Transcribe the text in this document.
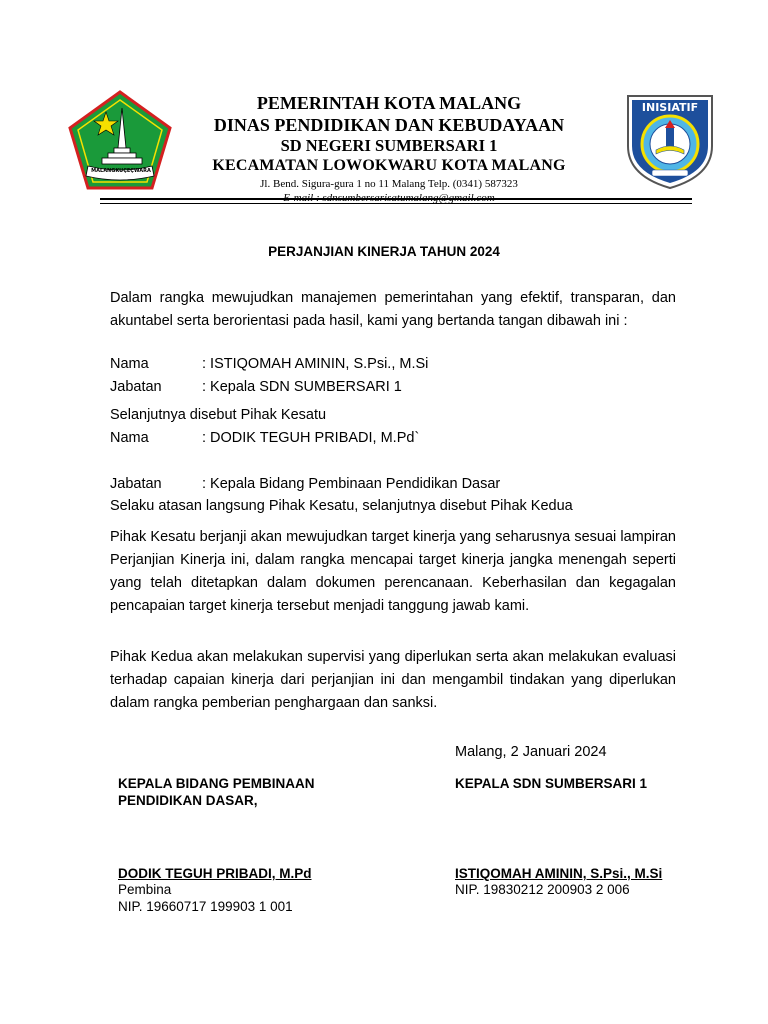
MALANGKUÇEÇWARA
INISIATIF
PEMERINTAH KOTA MALANG
DINAS PENDIDIKAN DAN KEBUDAYAAN
SD NEGERI SUMBERSARI 1
KECAMATAN LOWOKWARU KOTA MALANG
Jl. Bend. Sigura-gura 1 no 11 Malang Telp. (0341) 587323
E-mail : sdnsumbersarisatumalang@gmail.com
PERJANJIAN KINERJA TAHUN 2024
Dalam rangka mewujudkan manajemen pemerintahan yang efektif, transparan, dan akuntabel serta berorientasi pada hasil, kami yang bertanda tangan dibawah ini :
Nama	: ISTIQOMAH AMININ, S.Psi., M.Si
Jabatan	: Kepala SDN SUMBERSARI 1
Selanjutnya disebut Pihak Kesatu
Nama	: DODIK TEGUH PRIBADI, M.Pd`
Jabatan	: Kepala Bidang Pembinaan Pendidikan Dasar
Selaku atasan langsung Pihak Kesatu, selanjutnya disebut Pihak Kedua
Pihak Kesatu berjanji akan mewujudkan target kinerja yang seharusnya sesuai lampiran Perjanjian Kinerja ini, dalam rangka mencapai target kinerja jangka menengah seperti yang telah ditetapkan dalam dokumen perencanaan. Keberhasilan dan kegagalan pencapaian target kinerja tersebut menjadi tanggung jawab kami.
Pihak Kedua akan melakukan supervisi yang diperlukan serta akan melakukan evaluasi terhadap capaian kinerja dari perjanjian ini dan mengambil tindakan yang diperlukan dalam rangka pemberian penghargaan dan sanksi.
Malang, 2 Januari 2024
KEPALA BIDANG PEMBINAAN
PENDIDIKAN DASAR,
KEPALA SDN SUMBERSARI 1
DODIK TEGUH PRIBADI, M.Pd
Pembina
NIP. 19660717 199903 1 001
ISTIQOMAH AMININ, S.Psi., M.Si
NIP. 19830212 200903 2 006
